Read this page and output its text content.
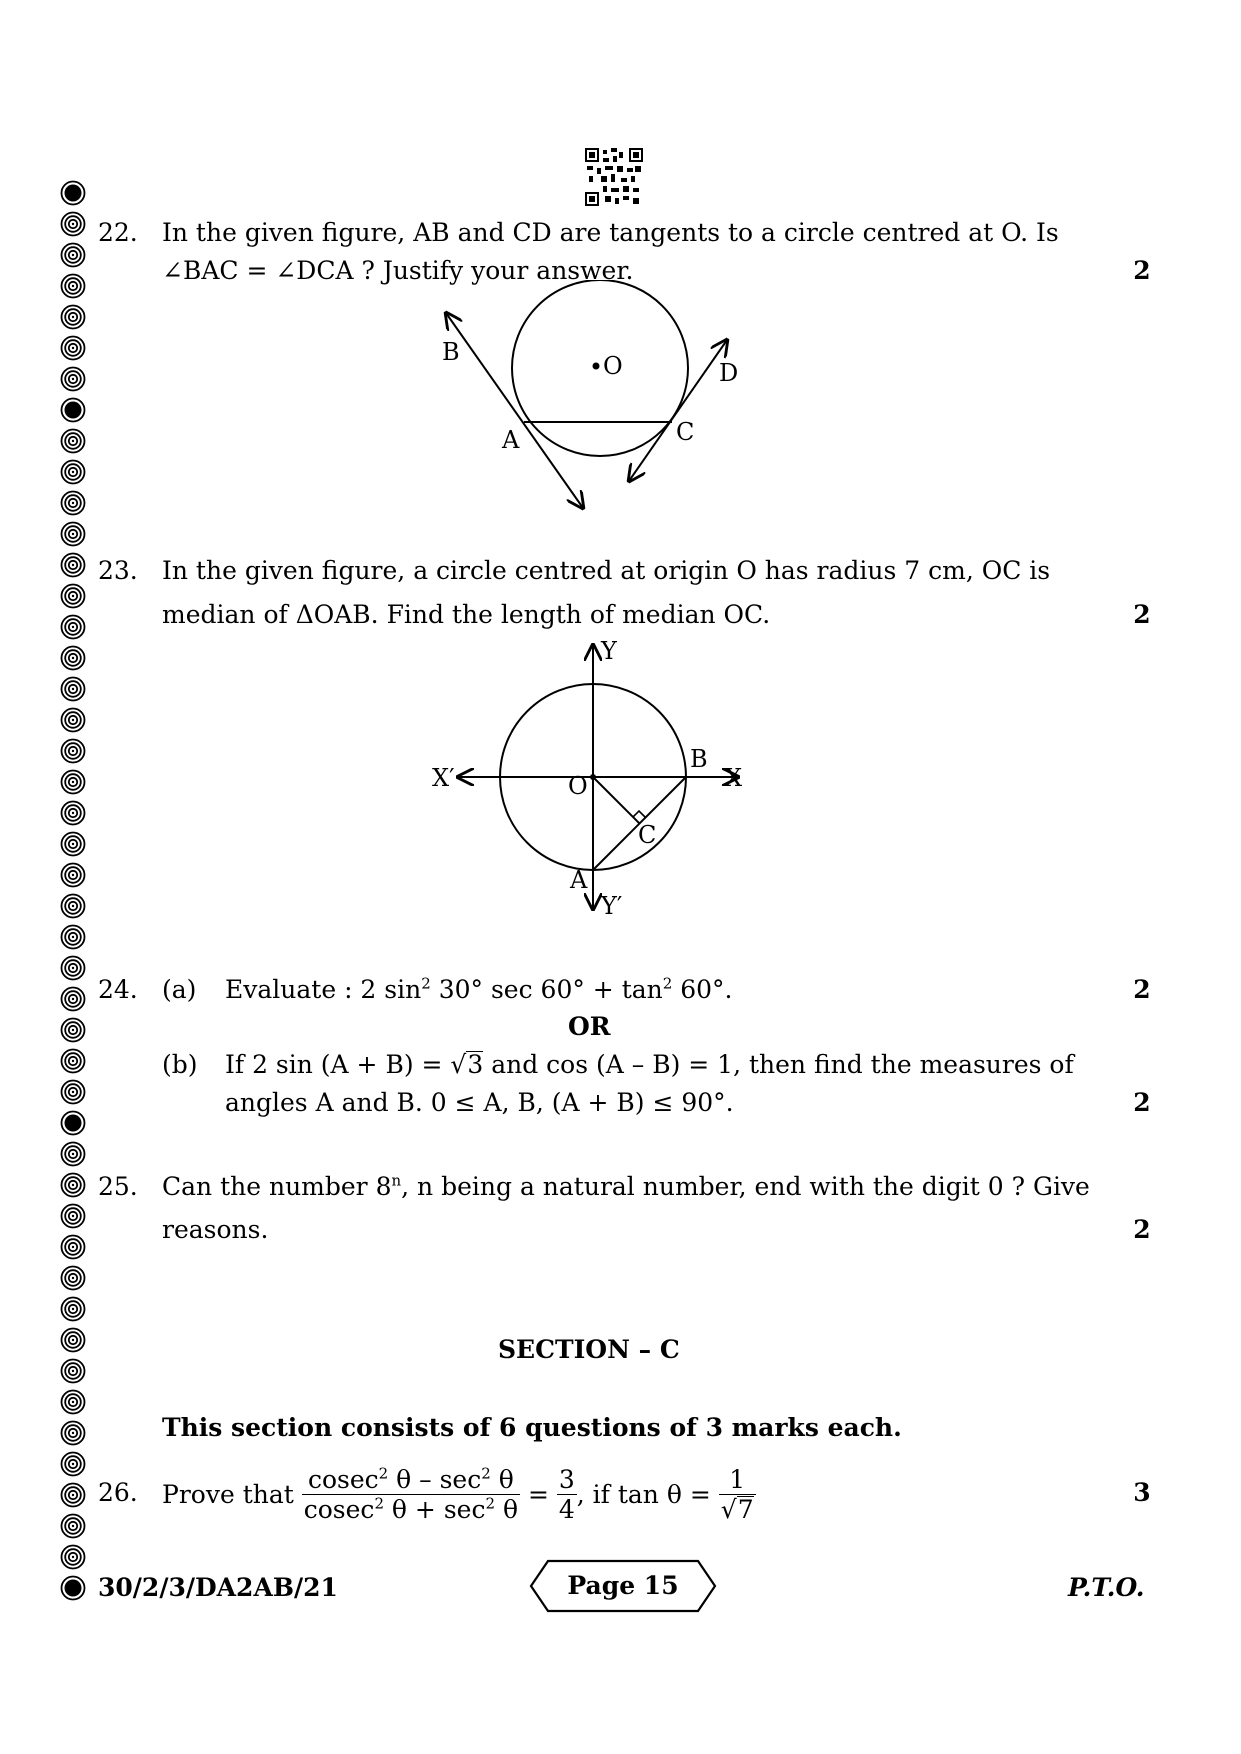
22. In the given figure, AB and CD are tangents to a circle centred at O. Is
∠BAC = ∠DCA ? Justify your answer.	2
B	O	D
A	C
23. In the given figure, a circle centred at origin O has radius 7 cm, OC is
median of ΔOAB. Find the length of median OC.	2
Y
X′	X
O
B
C
A
Y′
24. (a) Evaluate : 2 $\sin^2 30^\circ$ $\sec 60^\circ + \tan^2 60^\circ$.	2
OR
(b) If 2 sin (A + B) = √3 and cos (A – B) = 1, then find the measures of
angles A and B. 0 ≤ A, B, (A + B) ≤ 90°.	2
25. Can the number 8$^n$, n being a natural number, end with the digit 0 ? Give
reasons.	2
SECTION – C
This section consists of 6 questions of 3 marks each.
26. Prove that
$\frac{cosec^2 \theta - \sec^2 \theta}{cosec^2 \theta + \sec^2 \theta} = \frac{3}{4}$ , if tan θ =
$\frac{1}{√7}$	3
30/2/3/DA2AB/21	Page 15	P.T.O.
